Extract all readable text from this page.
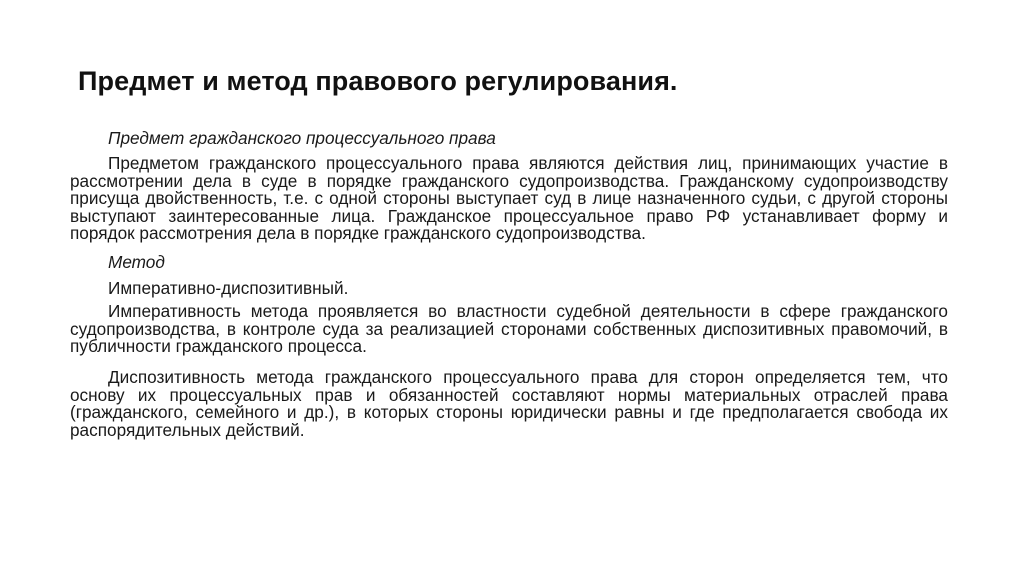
Предмет и метод правового регулирования.

Предмет гражданского процессуального права

Предметом гражданского процессуального права являются действия лиц, принимающих участие в рассмотрении дела в суде в порядке гражданского судопроизводства. Гражданскому судопроизводству присуща двойственность, т.е. с одной стороны выступает суд в лице назначенного судьи, с другой стороны выступают заинтересованные лица. Гражданское процессуальное право РФ устанавливает форму и порядок рассмотрения дела в порядке гражданского судопроизводства.

Метод

Императивно-диспозитивный.

Императивность метода проявляется во властности судебной деятельности в сфере гражданского судопроизводства, в контроле суда за реализацией сторонами собственных диспозитивных правомочий, в публичности гражданского процесса.

Диспозитивность метода гражданского процессуального права для сторон определяется тем, что основу их процессуальных прав и обязанностей составляют нормы материальных отраслей права (гражданского, семейного и др.), в которых стороны юридически равны и где предполагается свобода их распорядительных действий.
